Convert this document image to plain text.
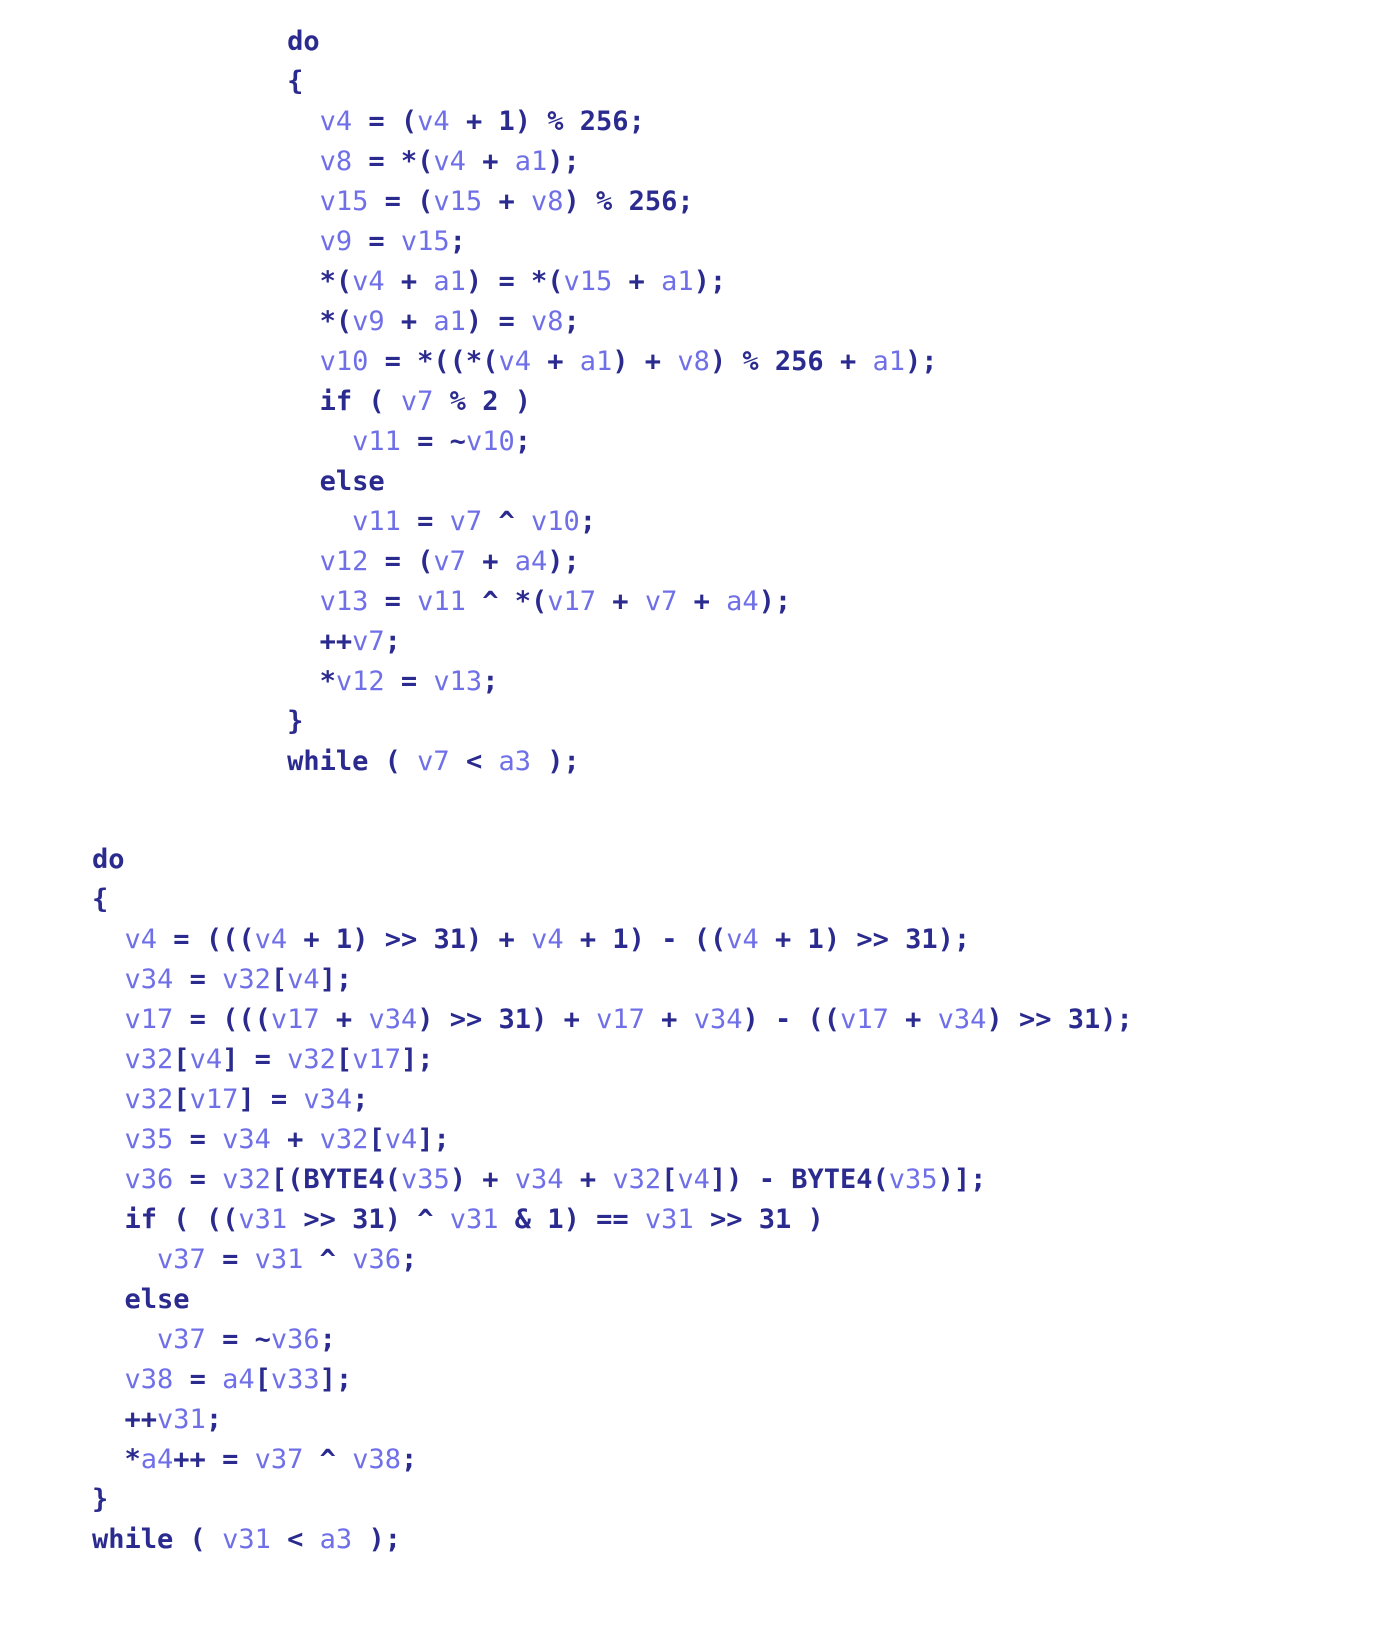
do
{
v4 = (v4 + 1) % 256;
v8 = *(v4 + a1);
v15 = (v15 + v8) % 256;
v9 = v15;
*(v4 + a1) = *(v15 + a1);
*(v9 + a1) = v8;
v10 = *((*(v4 + a1) + v8) % 256 + a1);
if ( v7 % 2 )
v11 = ~v10;
else
v11 = v7 ^ v10;
v12 = (v7 + a4);
v13 = v11 ^ *(v17 + v7 + a4);
++v7;
*v12 = v13;
}
while ( v7 < a3 );
do
{
v4 = (((v4 + 1) >> 31) + v4 + 1) - ((v4 + 1) >> 31);
v34 = v32[v4];
v17 = (((v17 + v34) >> 31) + v17 + v34) - ((v17 + v34) >> 31);
v32[v4] = v32[v17];
v32[v17] = v34;
v35 = v34 + v32[v4];
v36 = v32[(BYTE4(v35) + v34 + v32[v4]) - BYTE4(v35)];
if ( ((v31 >> 31) ^ v31 & 1) == v31 >> 31 )
v37 = v31 ^ v36;
else
v37 = ~v36;
v38 = a4[v33];
++v31;
*a4++ = v37 ^ v38;
}
while ( v31 < a3 );
